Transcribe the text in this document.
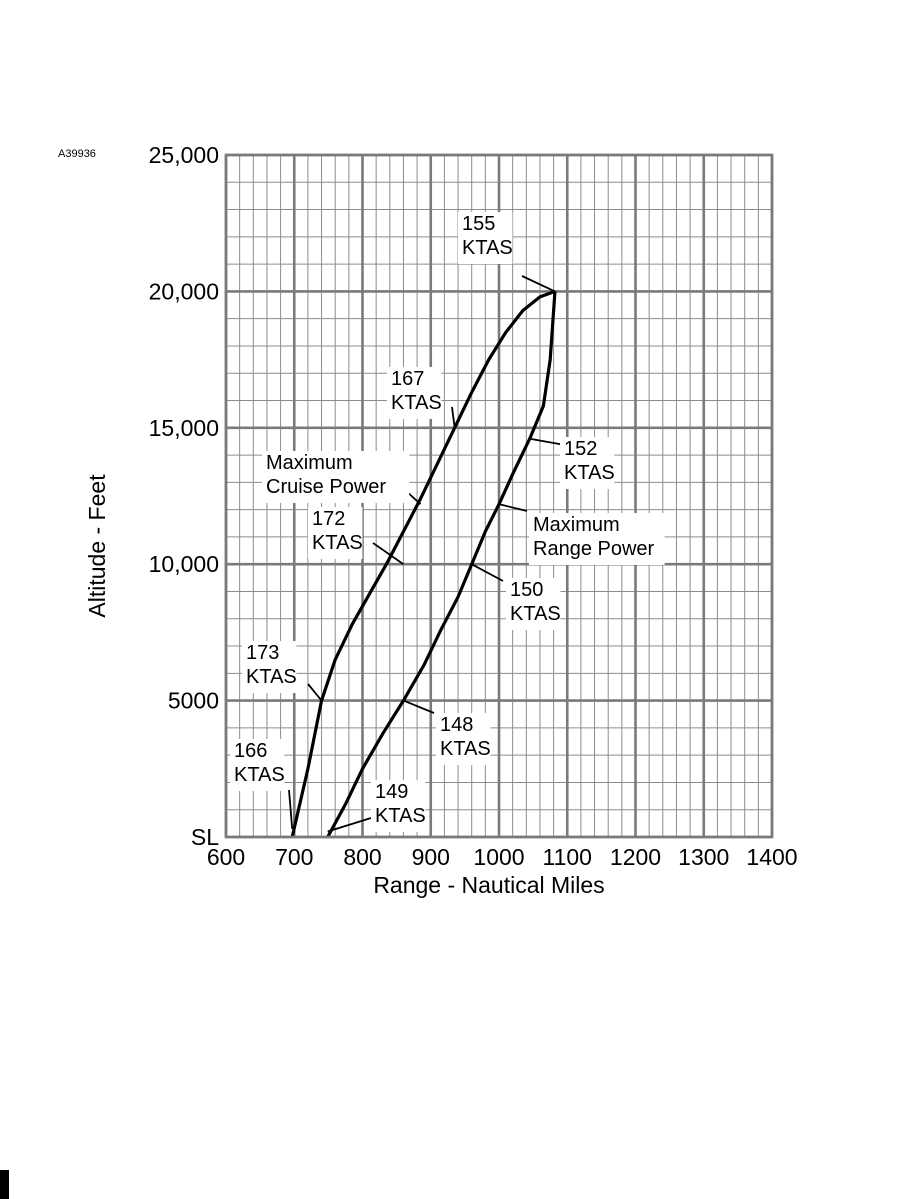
A39936
600 700 800 900 1000 1100 1200 1300 1400
SL
5000
10,000
15,000
20,000
25,000
Range - Nautical Miles
Altitude - Feet
155
KTAS
167
KTAS
Maximum
Cruise Power
172
KTAS
173
KTAS
166
KTAS
152
KTAS
Maximum
Range Power
150
KTAS
148
KTAS
149
KTAS
